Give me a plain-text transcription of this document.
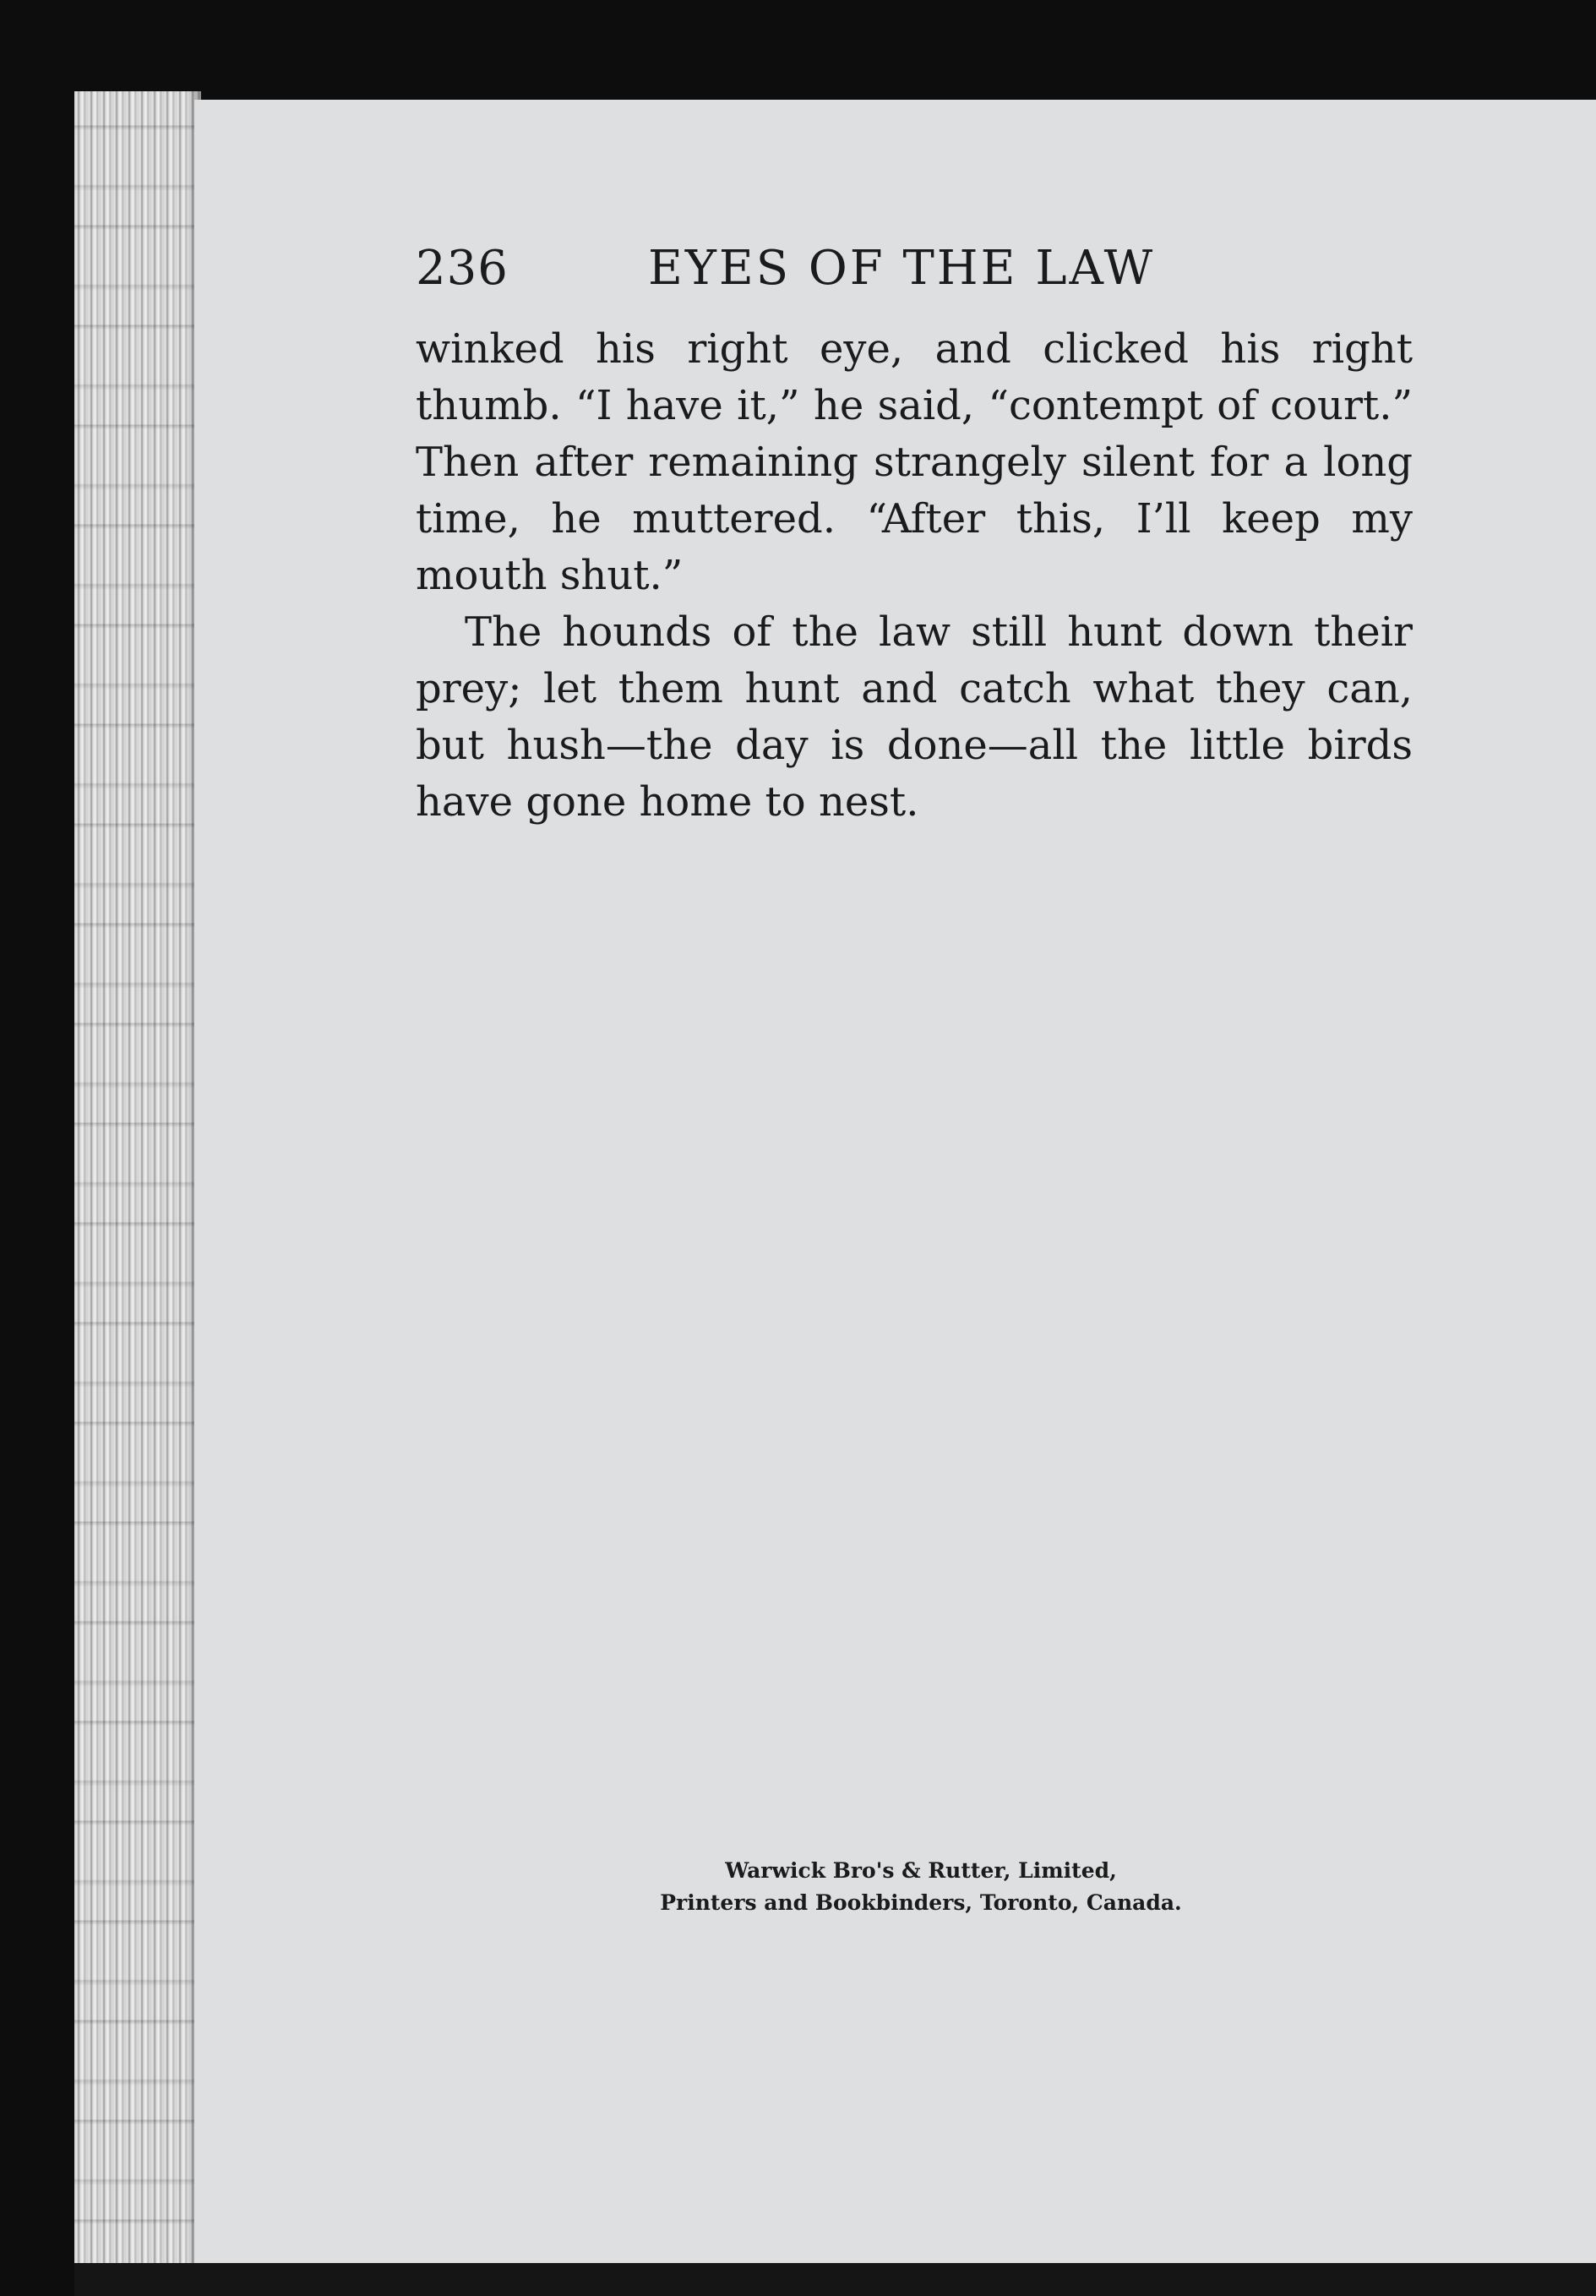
236	EYES OF THE LAW

winked his right eye, and clicked his right thumb. “I have it,” he said, “contempt of court.” Then after remaining strangely silent for a long time, he muttered. “After this, I’ll keep my mouth shut.”

The hounds of the law still hunt down their prey; let them hunt and catch what they can, but hush—the day is done—all the little birds have gone home to nest.

Warwick Bro's & Rutter, Limited,
Printers and Bookbinders, Toronto, Canada.
